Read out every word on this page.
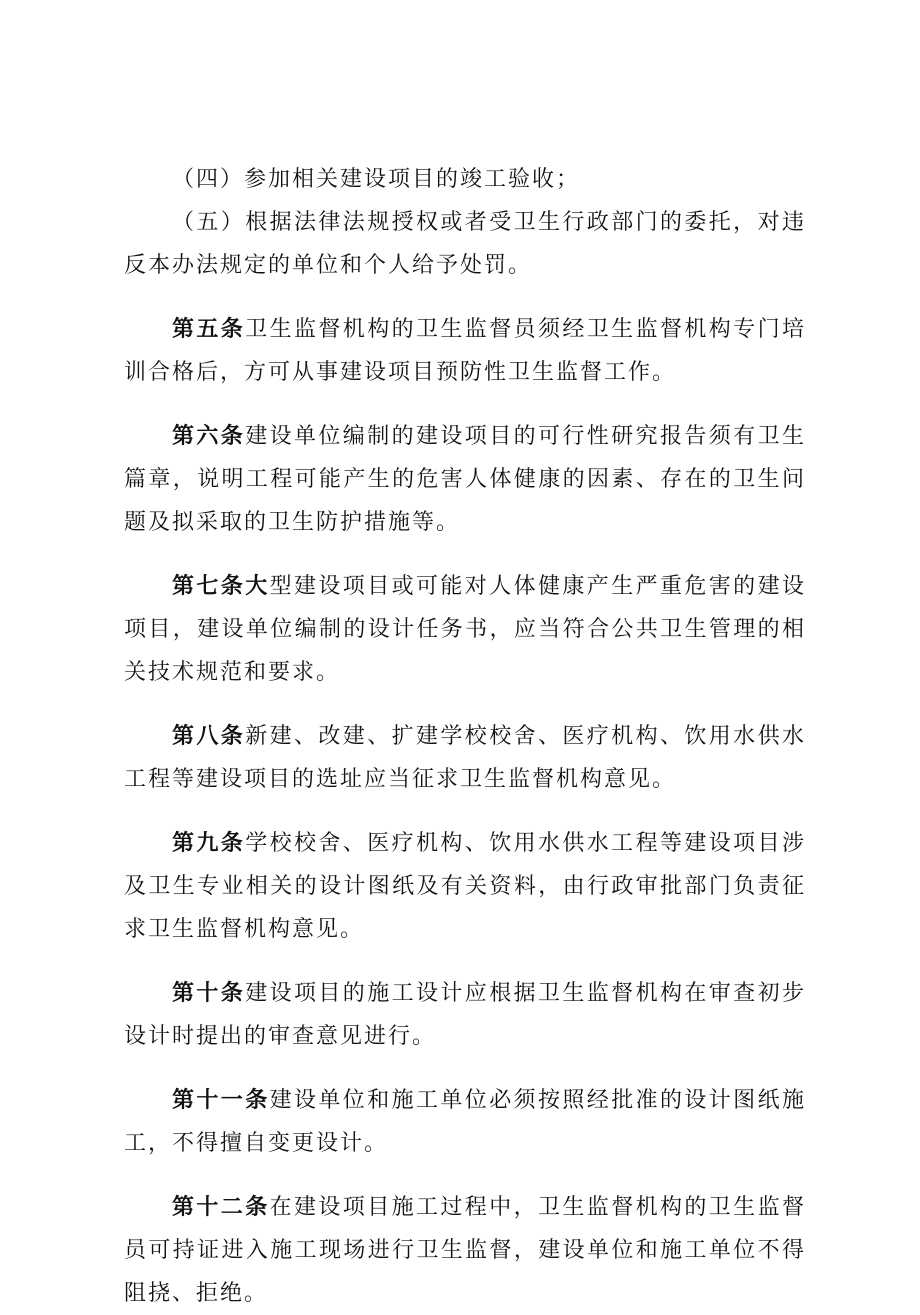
（四）参加相关建设项目的竣工验收；

（五）根据法律法规授权或者受卫生行政部门的委托，对违反本办法规定的单位和个人给予处罚。

第五条卫生监督机构的卫生监督员须经卫生监督机构专门培训合格后，方可从事建设项目预防性卫生监督工作。

第六条建设单位编制的建设项目的可行性研究报告须有卫生篇章，说明工程可能产生的危害人体健康的因素、存在的卫生问题及拟采取的卫生防护措施等。

第七条大型建设项目或可能对人体健康产生严重危害的建设项目，建设单位编制的设计任务书，应当符合公共卫生管理的相关技术规范和要求。

第八条新建、改建、扩建学校校舍、医疗机构、饮用水供水工程等建设项目的选址应当征求卫生监督机构意见。

第九条学校校舍、医疗机构、饮用水供水工程等建设项目涉及卫生专业相关的设计图纸及有关资料，由行政审批部门负责征求卫生监督机构意见。

第十条建设项目的施工设计应根据卫生监督机构在审查初步设计时提出的审查意见进行。

第十一条建设单位和施工单位必须按照经批准的设计图纸施工，不得擅自变更设计。

第十二条在建设项目施工过程中，卫生监督机构的卫生监督员可持证进入施工现场进行卫生监督，建设单位和施工单位不得阻挠、拒绝。
